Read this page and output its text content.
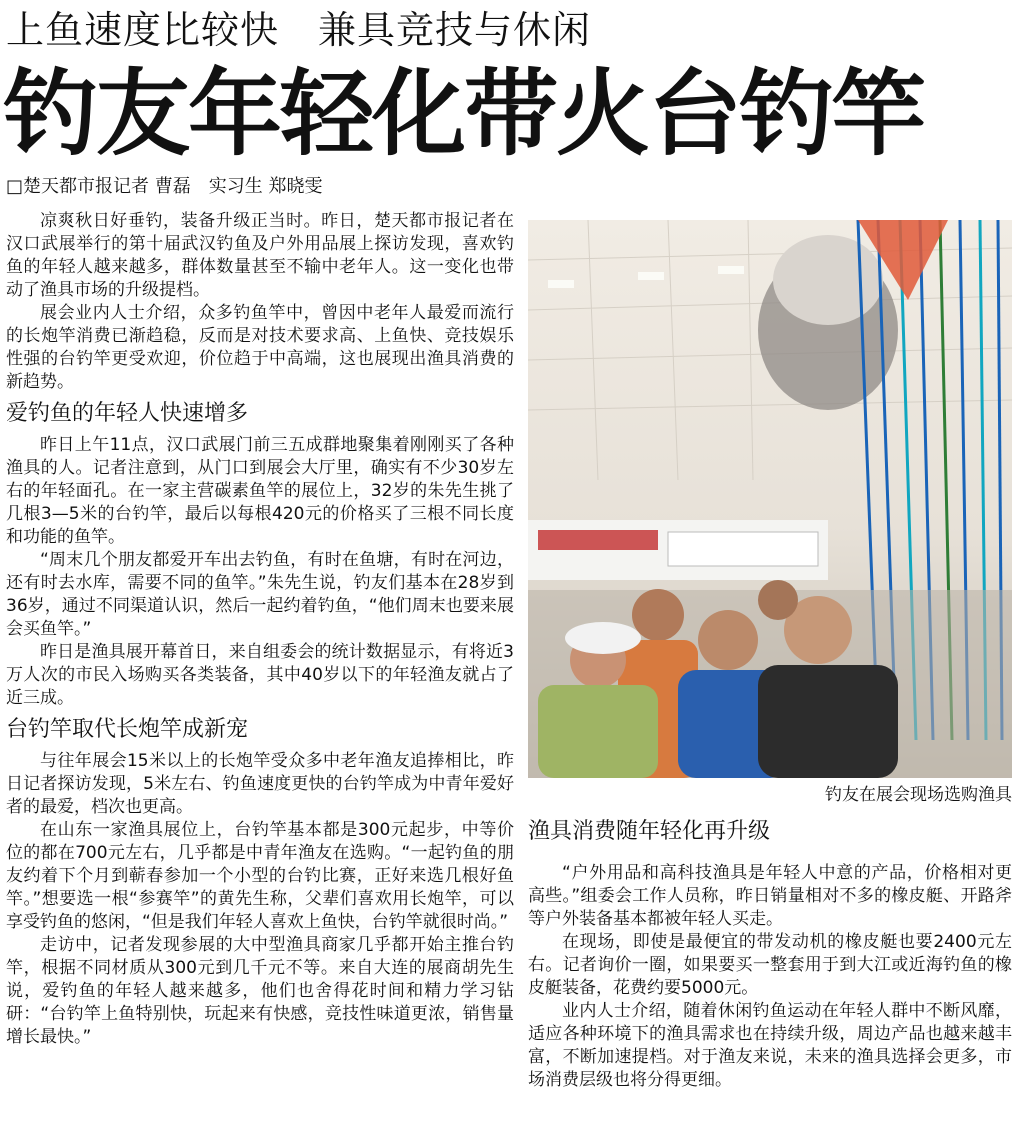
上鱼速度比较快　兼具竞技与休闲
钓友年轻化带火台钓竿
□楚天都市报记者 曹磊　实习生 郑晓雯

凉爽秋日好垂钓，装备升级正当时。昨日，楚天都市报记者在汉口武展举行的第十届武汉钓鱼及户外用品展上探访发现，喜欢钓鱼的年轻人越来越多，群体数量甚至不输中老年人。这一变化也带动了渔具市场的升级提档。

展会业内人士介绍，众多钓鱼竿中，曾因中老年人最爱而流行的长炮竿消费已渐趋稳，反而是对技术要求高、上鱼快、竞技娱乐性强的台钓竿更受欢迎，价位趋于中高端，这也展现出渔具消费的新趋势。

爱钓鱼的年轻人快速增多

昨日上午11点，汉口武展门前三五成群地聚集着刚刚买了各种渔具的人。记者注意到，从门口到展会大厅里，确实有不少30岁左右的年轻面孔。在一家主营碳素鱼竿的展位上，32岁的朱先生挑了几根3—5米的台钓竿，最后以每根420元的价格买了三根不同长度和功能的鱼竿。

“周末几个朋友都爱开车出去钓鱼，有时在鱼塘，有时在河边，还有时去水库，需要不同的鱼竿。”朱先生说，钓友们基本在28岁到36岁，通过不同渠道认识，然后一起约着钓鱼，“他们周末也要来展会买鱼竿。”

昨日是渔具展开幕首日，来自组委会的统计数据显示，有将近3万人次的市民入场购买各类装备，其中40岁以下的年轻渔友就占了近三成。

台钓竿取代长炮竿成新宠

与往年展会15米以上的长炮竿受众多中老年渔友追捧相比，昨日记者探访发现，5米左右、钓鱼速度更快的台钓竿成为中青年爱好者的最爱，档次也更高。

在山东一家渔具展位上，台钓竿基本都是300元起步，中等价位的都在700元左右，几乎都是中青年渔友在选购。“一起钓鱼的朋友约着下个月到蕲春参加一个小型的台钓比赛，正好来选几根好鱼竿。”想要选一根“参赛竿”的黄先生称，父辈们喜欢用长炮竿，可以享受钓鱼的悠闲，“但是我们年轻人喜欢上鱼快，台钓竿就很时尚。”

走访中，记者发现参展的大中型渔具商家几乎都开始主推台钓竿，根据不同材质从300元到几千元不等。来自大连的展商胡先生说，爱钓鱼的年轻人越来越多，他们也舍得花时间和精力学习钻研：“台钓竿上鱼特别快，玩起来有快感，竞技性味道更浓，销售量增长最快。”

钓友在展会现场选购渔具
渔具消费随年轻化再升级

“户外用品和高科技渔具是年轻人中意的产品，价格相对更高些。”组委会工作人员称，昨日销量相对不多的橡皮艇、开路斧等户外装备基本都被年轻人买走。

在现场，即使是最便宜的带发动机的橡皮艇也要2400元左右。记者询价一圈，如果要买一整套用于到大江或近海钓鱼的橡皮艇装备，花费约要5000元。

业内人士介绍，随着休闲钓鱼运动在年轻人群中不断风靡，适应各种环境下的渔具需求也在持续升级，周边产品也越来越丰富，不断加速提档。对于渔友来说，未来的渔具选择会更多，市场消费层级也将分得更细。
